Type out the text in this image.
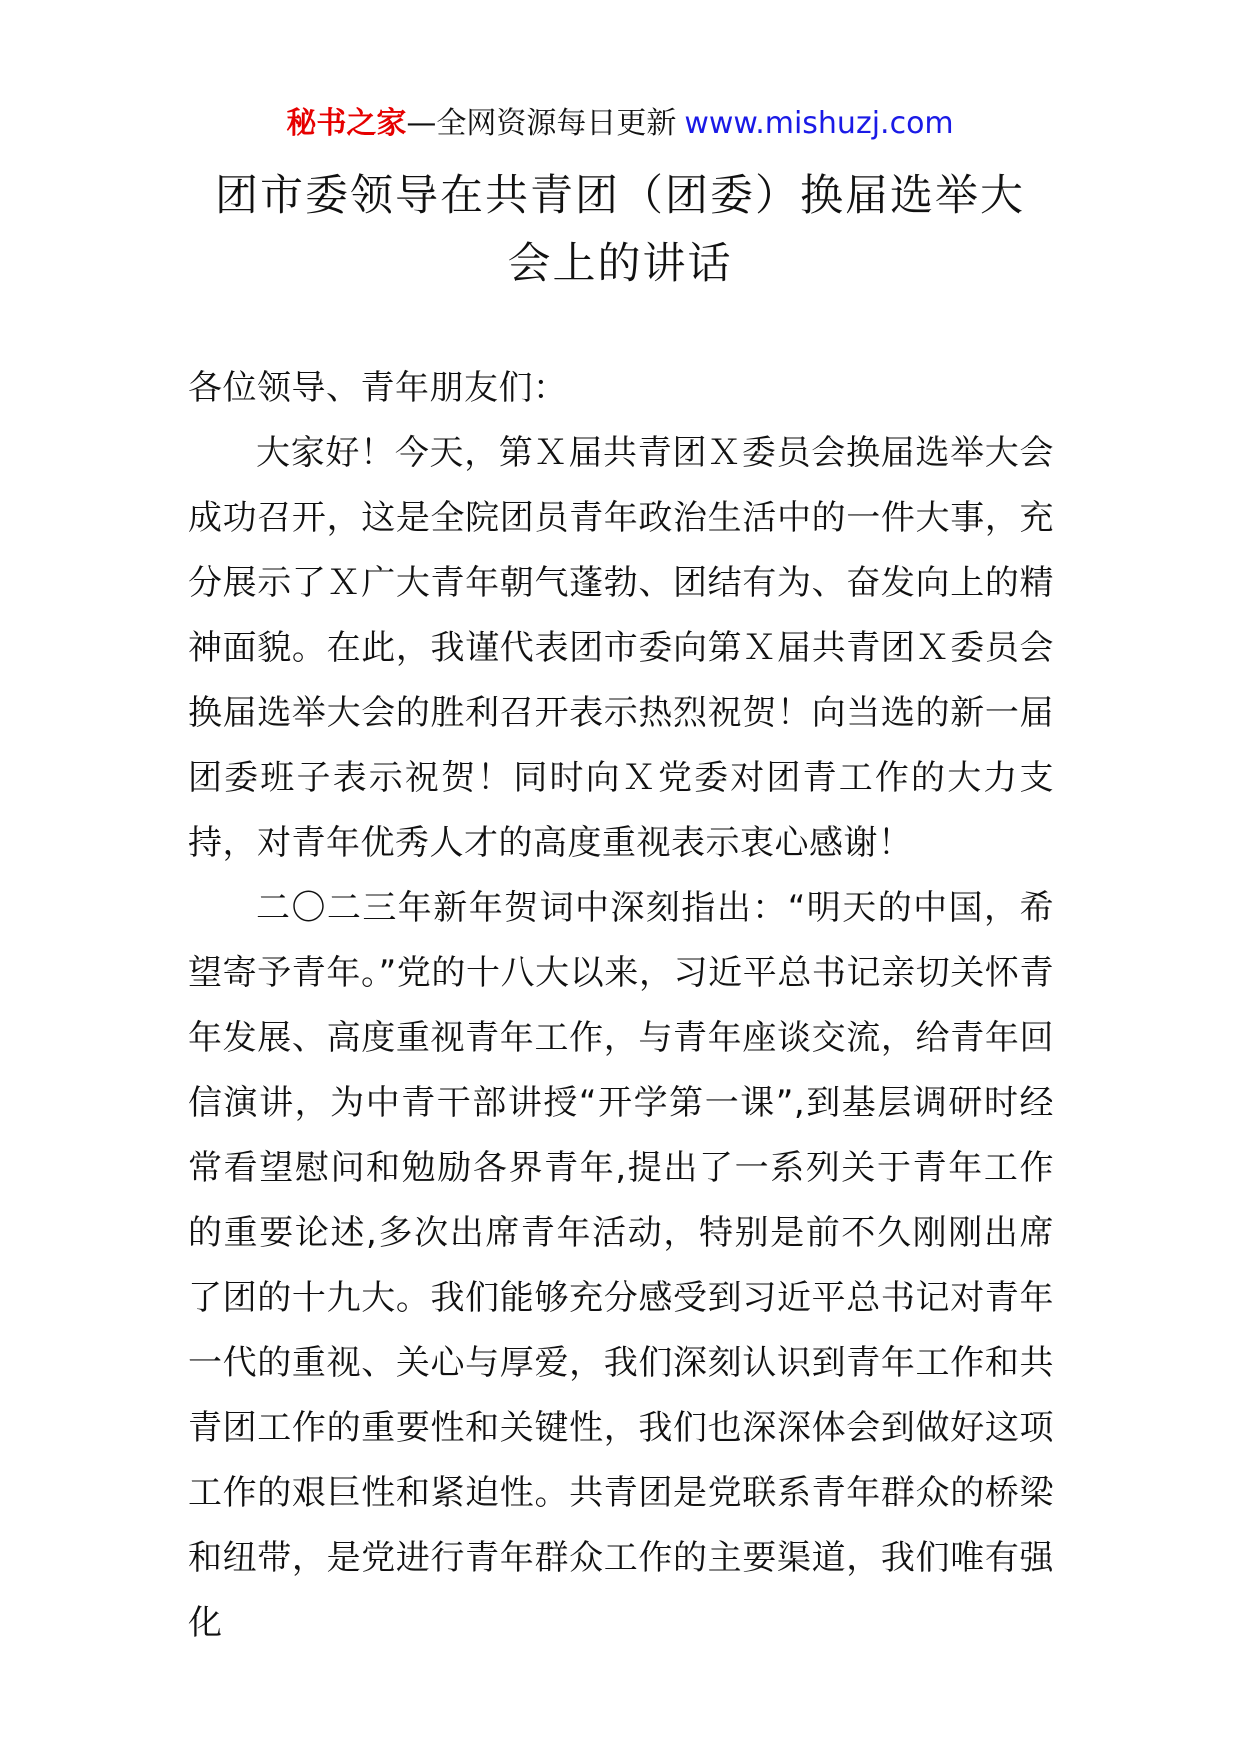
秘书之家—全网资源每日更新 www.mishuzj.com
团市委领导在共青团（团委）换届选举大
会上的讲话

各位领导、青年朋友们：

大家好！今天，第Ｘ届共青团Ｘ委员会换届选举大会成功召开，这是全院团员青年政治生活中的一件大事，充分展示了Ｘ广大青年朝气蓬勃、团结有为、奋发向上的精神面貌。在此，我谨代表团市委向第Ｘ届共青团Ｘ委员会换届选举大会的胜利召开表示热烈祝贺！向当选的新一届团委班子表示祝贺！同时向Ｘ党委对团青工作的大力支持，对青年优秀人才的高度重视表示衷心感谢！

二〇二三年新年贺词中深刻指出：“明天的中国，希望寄予青年。”党的十八大以来，习近平总书记亲切关怀青年发展、高度重视青年工作，与青年座谈交流，给青年回信演讲，为中青干部讲授“开学第一课”,到基层调研时经常看望慰问和勉励各界青年,提出了一系列关于青年工作的重要论述,多次出席青年活动，特别是前不久刚刚出席了团的十九大。我们能够充分感受到习近平总书记对青年一代的重视、关心与厚爱，我们深刻认识到青年工作和共青团工作的重要性和关键性，我们也深深体会到做好这项工作的艰巨性和紧迫性。共青团是党联系青年群众的桥梁和纽带，是党进行青年群众工作的主要渠道，我们唯有强化
